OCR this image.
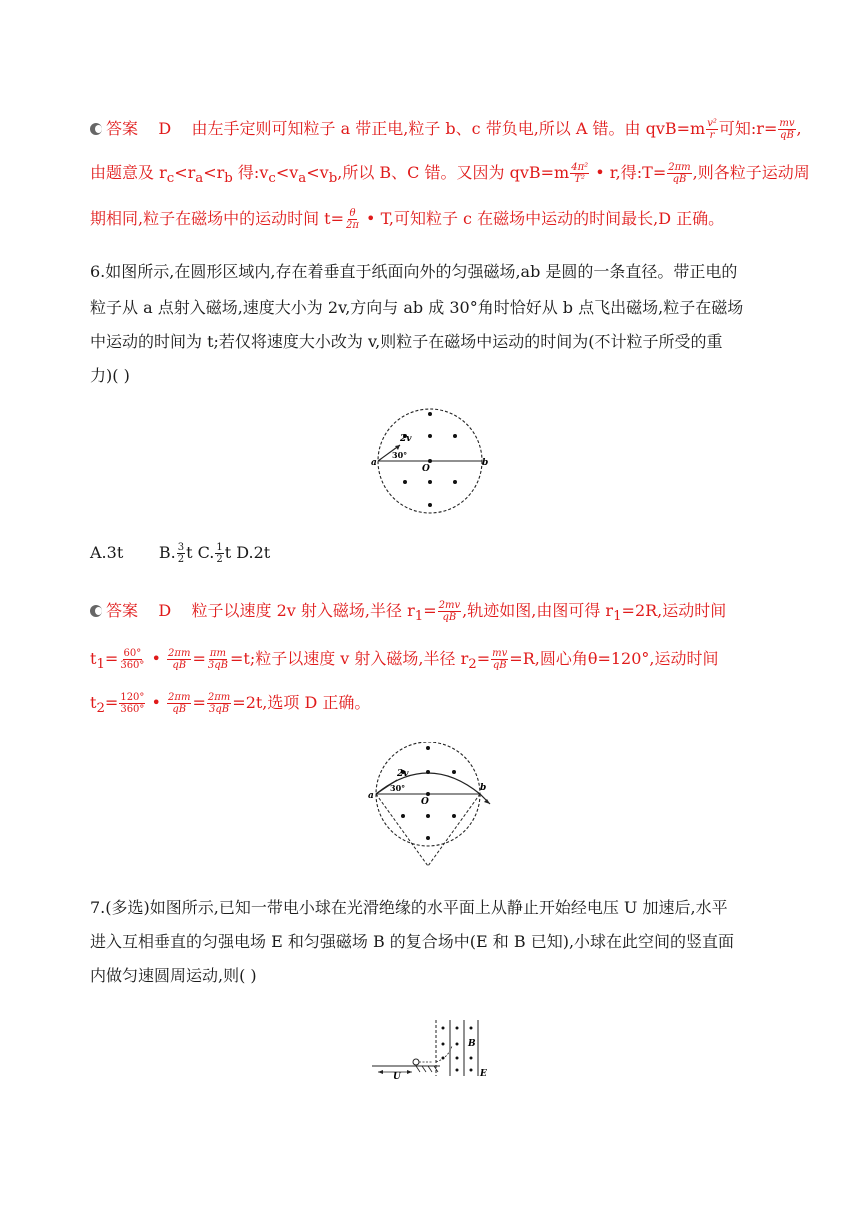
答案 D 由左手定则可知粒子 a 带正电,粒子 b、c 带负电,所以 A 错。由 $qvB=m \frac{\text{v²}}{r}$ 可知:r= $\frac{mv}{qB}$ ,
由题意及 $r_c<r_a<r_b$ 得$:v_c<v_a<v_b$,所以 B、C 错。又因为 $qvB=m \frac{\text{4π²}}{\text{T²}}$ • r,得:T= $\frac{2\pi m}{qB}$ ,则各粒子运动周
期相同,粒子在磁场中的运动时间 $t= \frac{\theta}{2\pi}$ • T,可知粒子 c 在磁场中运动的时间最长,D 正确。
6.如图所示,在圆形区域内,存在着垂直于纸面向外的匀强磁场,ab 是圆的一条直径。带正电的
粒子从 a 点射入磁场,速度大小为 2v,方向与 ab 成 30°角时恰好从 b 点飞出磁场,粒子在磁场
中运动的时间为 t;若仅将速度大小改为 v,则粒子在磁场中运动的时间为(不计粒子所受的重
力)( )
2v
30°
a	b
O
A.3t B. $\frac{3}{2}$ t C. $\frac{1}{2}$ t D.2t
答案 D 粒子以速度 2v 射入磁场,半径 $r_1= \frac{2mv}{qB}$ ,轨迹如图,由图可得 $r_1=2R$,运动时间
$t_1= \frac{60^\circ}{360^\circ}$ • $\frac{2\pi m}{qB} = \frac{\pi m}{3qB} =t$;粒子以速度 v 射入磁场,半径 $r_2= \frac{mv}{qB} =R$,圆心角θ=120°,运动时间
$t_2= \frac{120^\circ}{360^\circ}$ • $\frac{2\pi m}{qB} = \frac{2\pi m}{3qB} =2t$,选项 D 正确。
2v
30°
a
b
O
7.(多选)如图所示,已知一带电小球在光滑绝缘的水平面上从静止开始经电压 U 加速后,水平
进入互相垂直的匀强电场 E 和匀强磁场 B 的复合场中(E 和 B 已知),小球在此空间的竖直面
内做匀速圆周运动,则( )
U
B
E
